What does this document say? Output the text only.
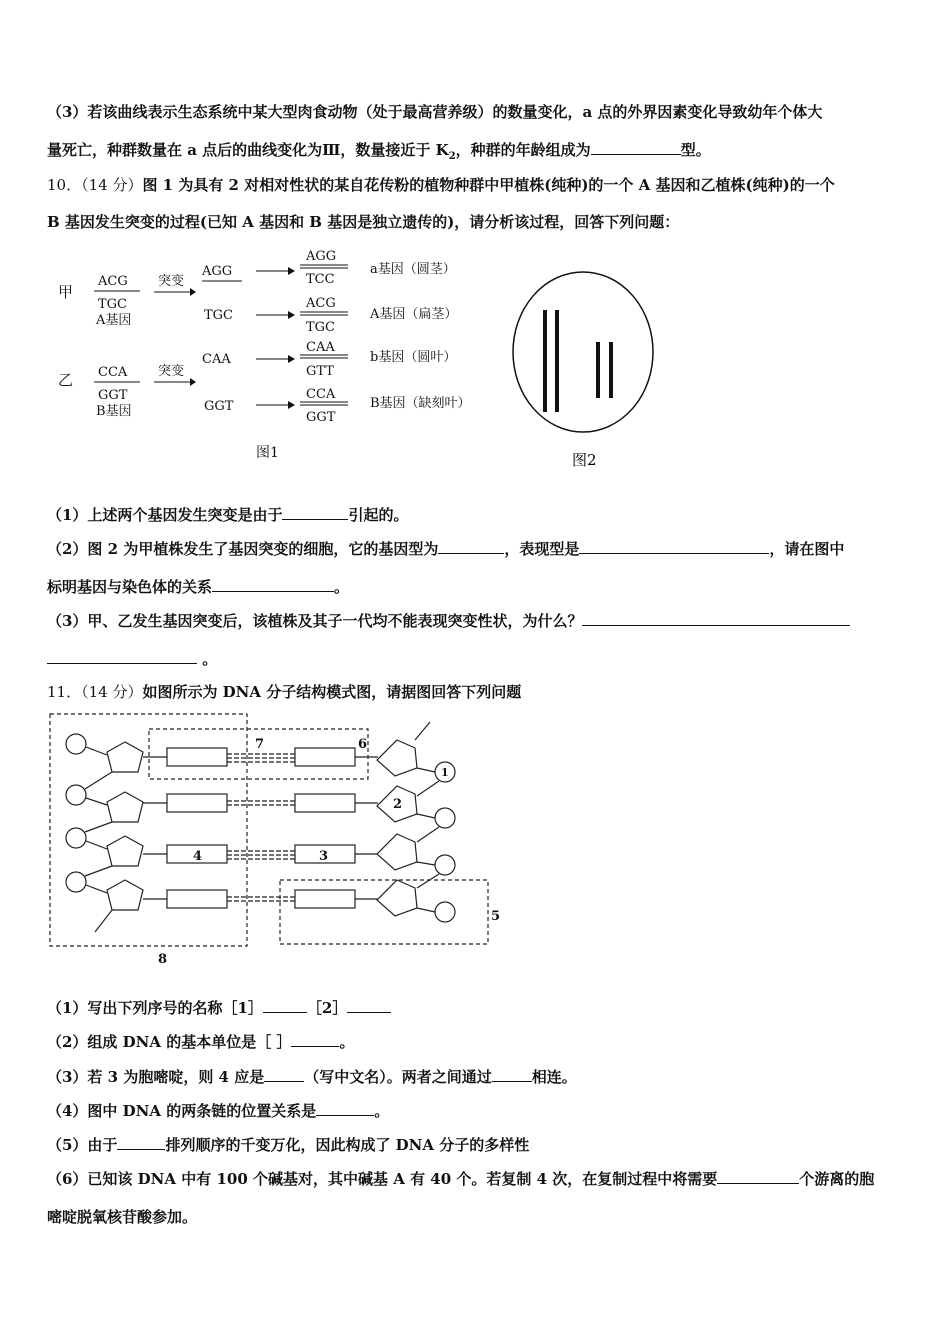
（3）若该曲线表示生态系统中某大型肉食动物（处于最高营养级）的数量变化，a 点的外界因素变化导致幼年个体大
量死亡，种群数量在 a 点后的曲线变化为Ⅲ，数量接近于 $K_2$，种群的年龄组成为	型。
10．（14 分）图 1 为具有 2 对相对性状的某自花传粉的植物种群中甲植株(纯种)的一个 A 基因和乙植株(纯种)的一个
B 基因发生突变的过程(已知 A 基因和 B 基因是独立遗传的)，请分析该过程，回答下列问题：
甲
乙
ACG
TGC
A基因
CCA
GGT
B基因
突变
突变
AGG
AGG
TCC
a基因（圆茎）
TGC
ACG
TGC
A基因（扁茎）
CAA
CAA
GTT
b基因（圆叶）
GGT
CCA
GGT
B基因（缺刻叶）
图1	图2
（1）上述两个基因发生突变是由于	引起的。
（2）图 2 为甲植株发生了基因突变的细胞，它的基因型为	，表现型是	，请在图中
标明基因与染色体的关系	。
（3）甲、乙发生基因突变后，该植株及其子一代均不能表现突变性状，为什么？
。
11．（14 分）如图所示为 DNA 分子结构模式图，请据图回答下列问题
4	3
2
1
5
6
7
8
（1）写出下列序号的名称［1］	［2］
（2）组成 DNA 的基本单位是［ ］	。
（3）若 3 为胞嘧啶，则 4 应是	（写中文名）。两者之间通过	相连。
（4）图中 DNA 的两条链的位置关系是	。
（5）由于	排列顺序的千变万化，因此构成了 DNA 分子的多样性
（6）已知该 DNA 中有 100 个碱基对，其中碱基 A 有 40 个。若复制 4 次，在复制过程中将需要	个游离的胞
嘧啶脱氧核苷酸参加。
